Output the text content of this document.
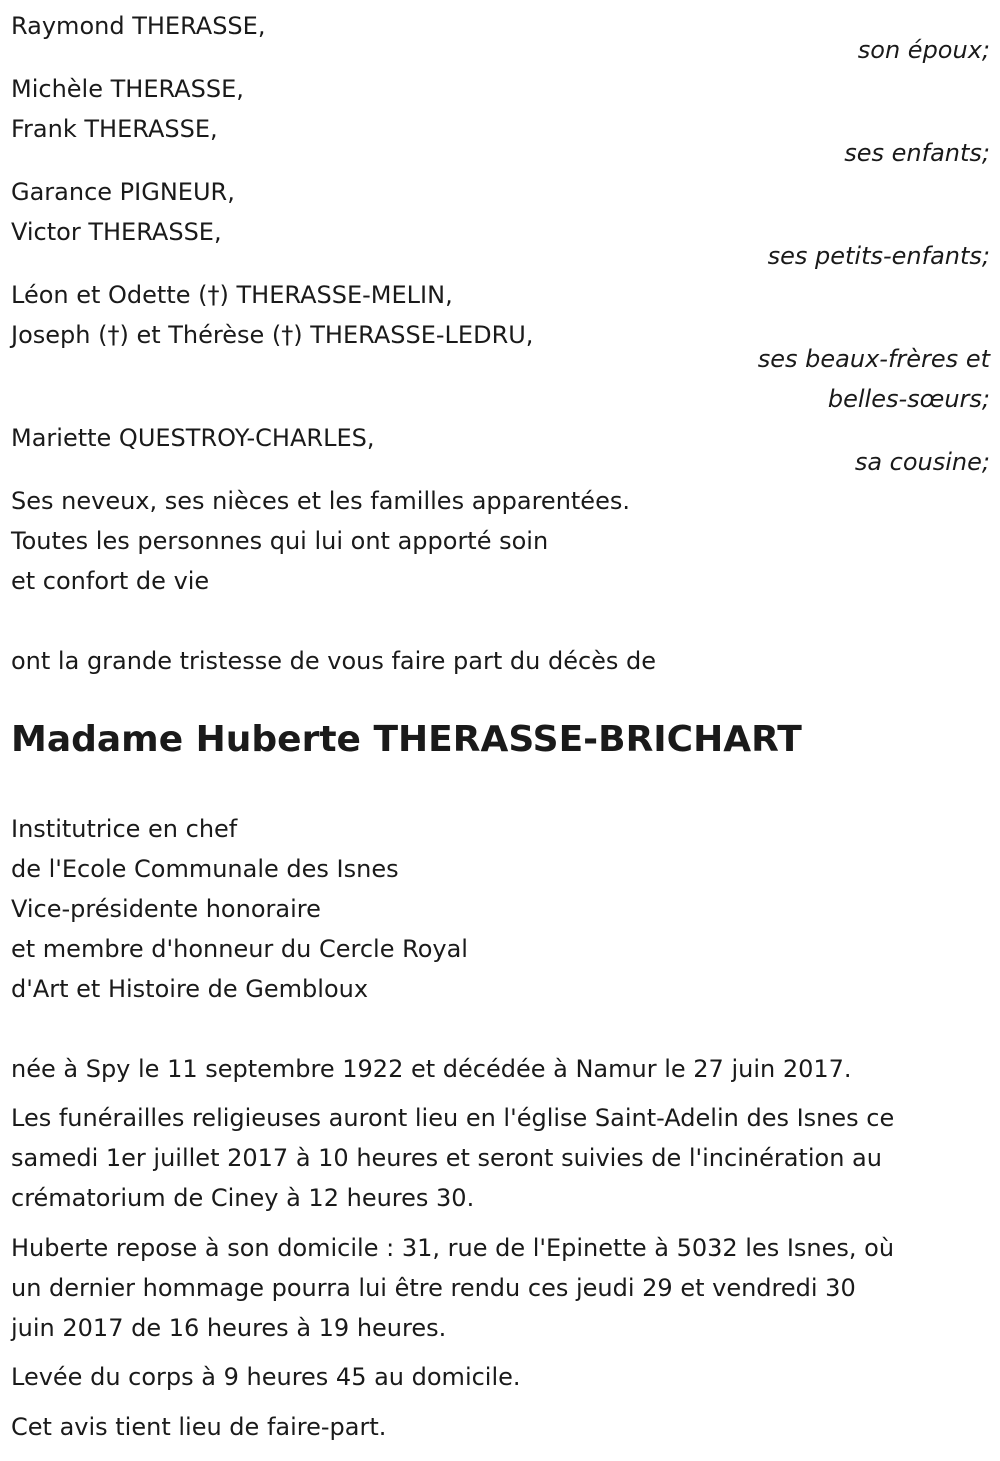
Raymond THERASSE,
son époux;
Michèle THERASSE,
Frank THERASSE,
ses enfants;
Garance PIGNEUR,
Victor THERASSE,
ses petits-enfants;
Léon et Odette (†) THERASSE-MELIN,
Joseph (†) et Thérèse (†) THERASSE-LEDRU,
ses beaux-frères et
belles-sœurs;
Mariette QUESTROY-CHARLES,
sa cousine;
Ses neveux, ses nièces et les familles apparentées.
Toutes les personnes qui lui ont apporté soin
et confort de vie
ont la grande tristesse de vous faire part du décès de
Madame Huberte THERASSE-BRICHART
Institutrice en chef
de l'Ecole Communale des Isnes
Vice-présidente honoraire
et membre d'honneur du Cercle Royal
d'Art et Histoire de Gembloux
née à Spy le 11 septembre 1922 et décédée à Namur le 27 juin 2017.
Les funérailles religieuses auront lieu en l'église Saint-Adelin des Isnes ce
samedi 1er juillet 2017 à 10 heures et seront suivies de l'incinération au
crématorium de Ciney à 12 heures 30.
Huberte repose à son domicile : 31, rue de l'Epinette à 5032 les Isnes, où
un dernier hommage pourra lui être rendu ces jeudi 29 et vendredi 30
juin 2017 de 16 heures à 19 heures.
Levée du corps à 9 heures 45 au domicile.
Cet avis tient lieu de faire-part.
